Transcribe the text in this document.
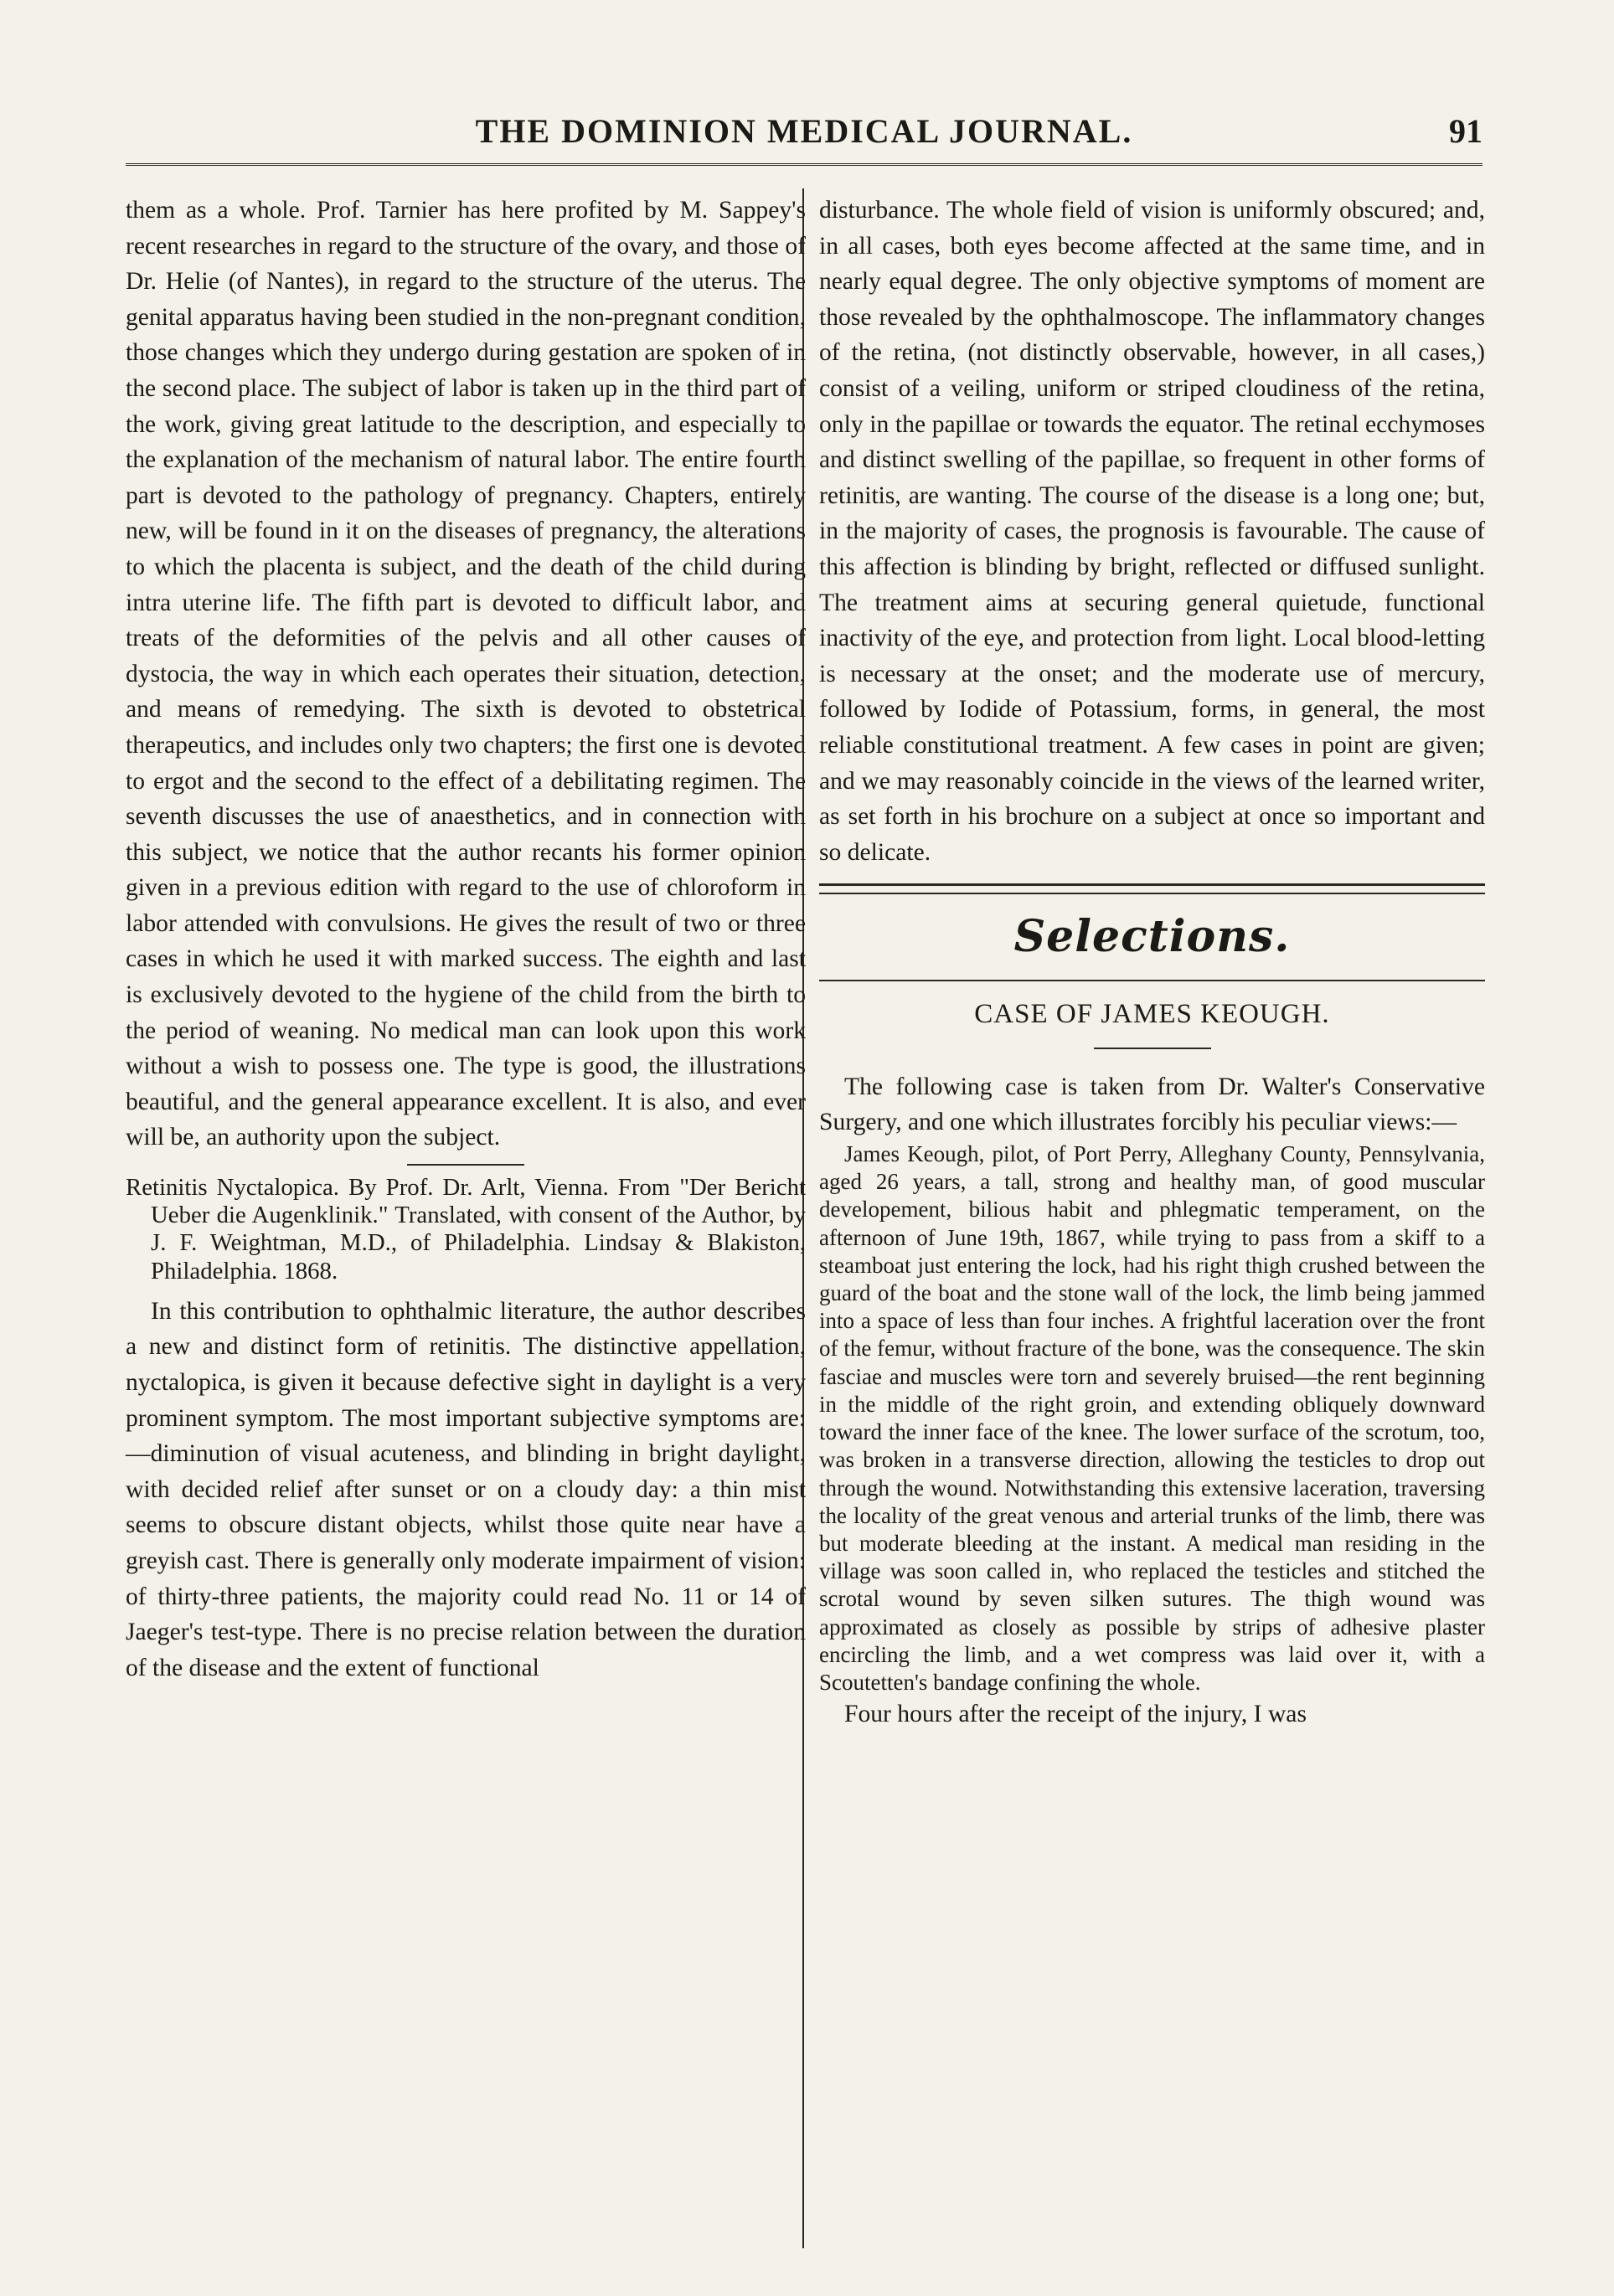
THE DOMINION MEDICAL JOURNAL.	91

them as a whole. Prof. Tarnier has here profited by M. Sappey's recent researches in regard to the structure of the ovary, and those of Dr. Helie (of Nantes), in regard to the structure of the uterus. The genital apparatus having been studied in the non-pregnant condition, those changes which they undergo during gestation are spoken of in the second place. The subject of labor is taken up in the third part of the work, giving great latitude to the description, and especially to the explanation of the mechanism of natural labor. The entire fourth part is devoted to the pathology of pregnancy. Chapters, entirely new, will be found in it on the diseases of pregnancy, the alterations to which the placenta is subject, and the death of the child during intra uterine life. The fifth part is devoted to difficult labor, and treats of the deformities of the pelvis and all other causes of dystocia, the way in which each operates their situation, detection, and means of remedying. The sixth is devoted to obstetrical therapeutics, and includes only two chapters; the first one is devoted to ergot and the second to the effect of a debilitating regimen. The seventh discusses the use of anaesthetics, and in connection with this subject, we notice that the author recants his former opinion given in a previous edition with regard to the use of chloroform in labor attended with convulsions. He gives the result of two or three cases in which he used it with marked success. The eighth and last is exclusively devoted to the hygiene of the child from the birth to the period of weaning. No medical man can look upon this work without a wish to possess one. The type is good, the illustrations beautiful, and the general appearance excellent. It is also, and ever will be, an authority upon the subject.

Retinitis Nyctalopica. By Prof. Dr. Arlt, Vienna. From "Der Bericht Ueber die Augenklinik." Translated, with consent of the Author, by J. F. Weightman, M.D., of Philadelphia. Lindsay & Blakiston, Philadelphia. 1868.

In this contribution to ophthalmic literature, the author describes a new and distinct form of retinitis. The distinctive appellation, nyctalopica, is given it because defective sight in daylight is a very prominent symptom. The most important subjective symptoms are:—diminution of visual acuteness, and blinding in bright daylight, with decided relief after sunset or on a cloudy day: a thin mist seems to obscure distant objects, whilst those quite near have a greyish cast. There is generally only moderate impairment of vision: of thirty-three patients, the majority could read No. 11 or 14 of Jaeger's test-type. There is no precise relation between the duration of the disease and the extent of functional

disturbance. The whole field of vision is uniformly obscured; and, in all cases, both eyes become affected at the same time, and in nearly equal degree. The only objective symptoms of moment are those revealed by the ophthalmoscope. The inflammatory changes of the retina, (not distinctly observable, however, in all cases,) consist of a veiling, uniform or striped cloudiness of the retina, only in the papillae or towards the equator. The retinal ecchymoses and distinct swelling of the papillae, so frequent in other forms of retinitis, are wanting. The course of the disease is a long one; but, in the majority of cases, the prognosis is favourable. The cause of this affection is blinding by bright, reflected or diffused sunlight. The treatment aims at securing general quietude, functional inactivity of the eye, and protection from light. Local blood-letting is necessary at the onset; and the moderate use of mercury, followed by Iodide of Potassium, forms, in general, the most reliable constitutional treatment. A few cases in point are given; and we may reasonably coincide in the views of the learned writer, as set forth in his brochure on a subject at once so important and so delicate.

Selections.
CASE OF JAMES KEOUGH.

The following case is taken from Dr. Walter's Conservative Surgery, and one which illustrates forcibly his peculiar views:—

James Keough, pilot, of Port Perry, Alleghany County, Pennsylvania, aged 26 years, a tall, strong and healthy man, of good muscular developement, bilious habit and phlegmatic temperament, on the afternoon of June 19th, 1867, while trying to pass from a skiff to a steamboat just entering the lock, had his right thigh crushed between the guard of the boat and the stone wall of the lock, the limb being jammed into a space of less than four inches. A frightful laceration over the front of the femur, without fracture of the bone, was the consequence. The skin fasciae and muscles were torn and severely bruised—the rent beginning in the middle of the right groin, and extending obliquely downward toward the inner face of the knee. The lower surface of the scrotum, too, was broken in a transverse direction, allowing the testicles to drop out through the wound. Notwithstanding this extensive laceration, traversing the locality of the great venous and arterial trunks of the limb, there was but moderate bleeding at the instant. A medical man residing in the village was soon called in, who replaced the testicles and stitched the scrotal wound by seven silken sutures. The thigh wound was approximated as closely as possible by strips of adhesive plaster encircling the limb, and a wet compress was laid over it, with a Scoutetten's bandage confining the whole.

Four hours after the receipt of the injury, I was
